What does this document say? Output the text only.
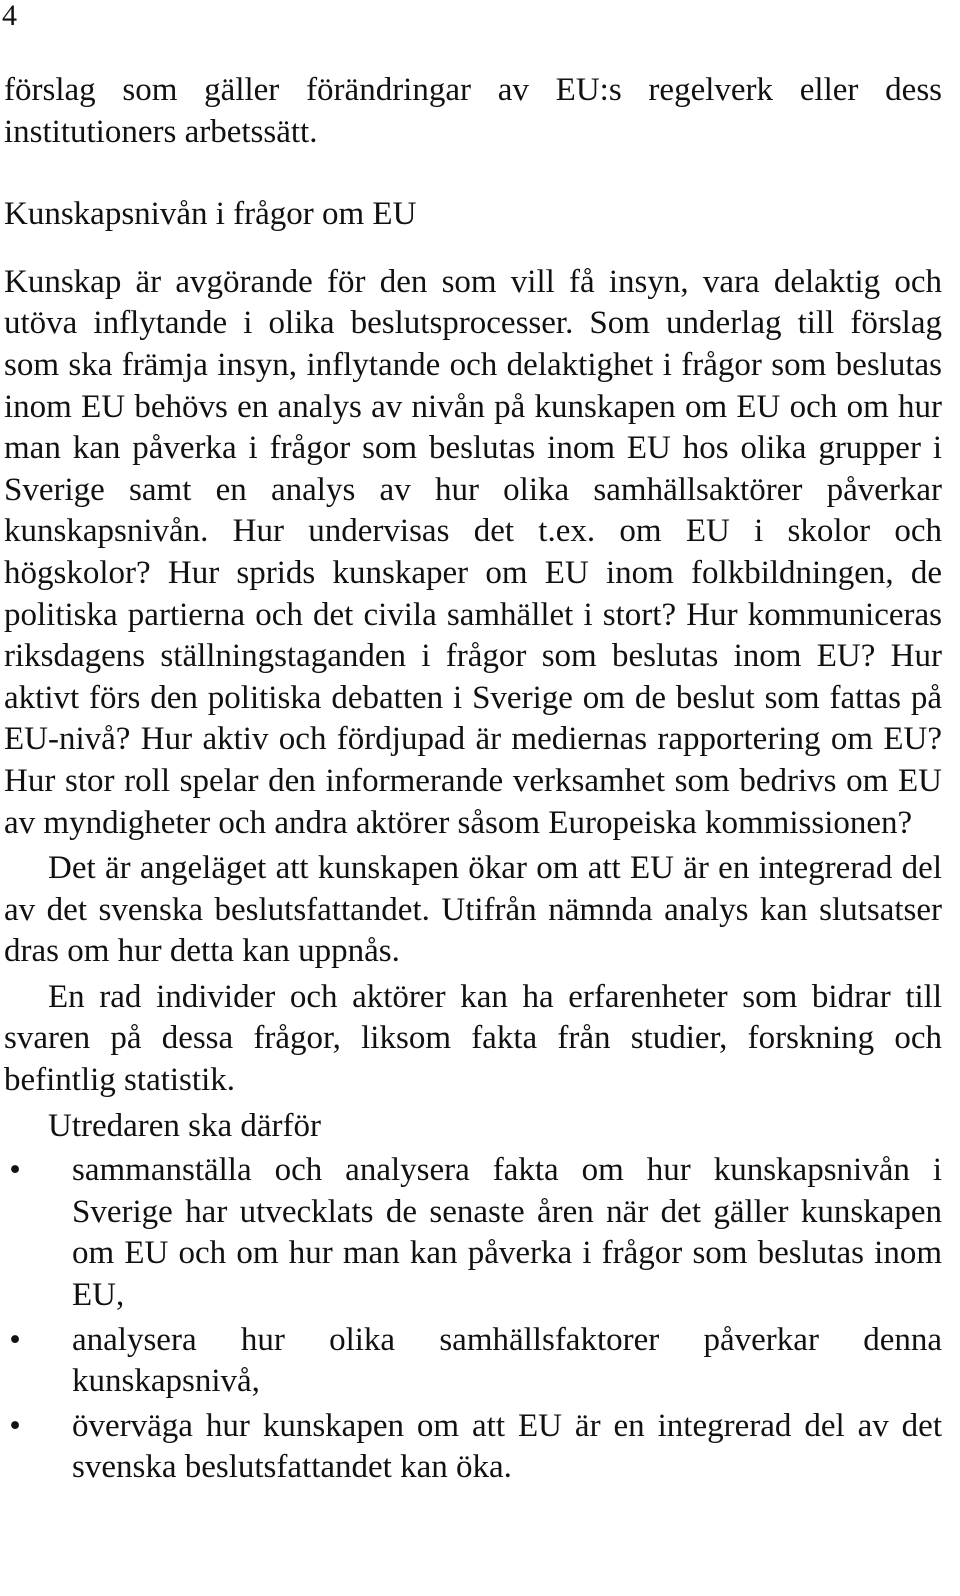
4

förslag som gäller förändringar av EU:s regelverk eller dess institutioners arbetssätt.

Kunskapsnivån i frågor om EU

Kunskap är avgörande för den som vill få insyn, vara delaktig och utöva inflytande i olika beslutsprocesser. Som underlag till förslag som ska främja insyn, inflytande och delaktighet i frågor som beslutas inom EU behövs en analys av nivån på kunskapen om EU och om hur man kan påverka i frågor som beslutas inom EU hos olika grupper i Sverige samt en analys av hur olika samhällsaktörer påverkar kunskapsnivån. Hur undervisas det t.ex. om EU i skolor och högskolor? Hur sprids kunskaper om EU inom folkbildningen, de politiska partierna och det civila samhället i stort? Hur kommuniceras riksdagens ställningstaganden i frågor som beslutas inom EU? Hur aktivt förs den politiska debatten i Sverige om de beslut som fattas på EU-nivå? Hur aktiv och fördjupad är mediernas rapportering om EU? Hur stor roll spelar den informerande verksamhet som bedrivs om EU av myndigheter och andra aktörer såsom Europeiska kommissionen?

Det är angeläget att kunskapen ökar om att EU är en integrerad del av det svenska beslutsfattandet. Utifrån nämnda analys kan slutsatser dras om hur detta kan uppnås.

En rad individer och aktörer kan ha erfarenheter som bidrar till svaren på dessa frågor, liksom fakta från studier, forskning och befintlig statistik.

Utredaren ska därför

• sammanställa och analysera fakta om hur kunskapsnivån i Sverige har utvecklats de senaste åren när det gäller kunskapen om EU och om hur man kan påverka i frågor som beslutas inom EU,
• analysera hur olika samhällsfaktorer påverkar denna kunskapsnivå,
• överväga hur kunskapen om att EU är en integrerad del av det svenska beslutsfattandet kan öka.
